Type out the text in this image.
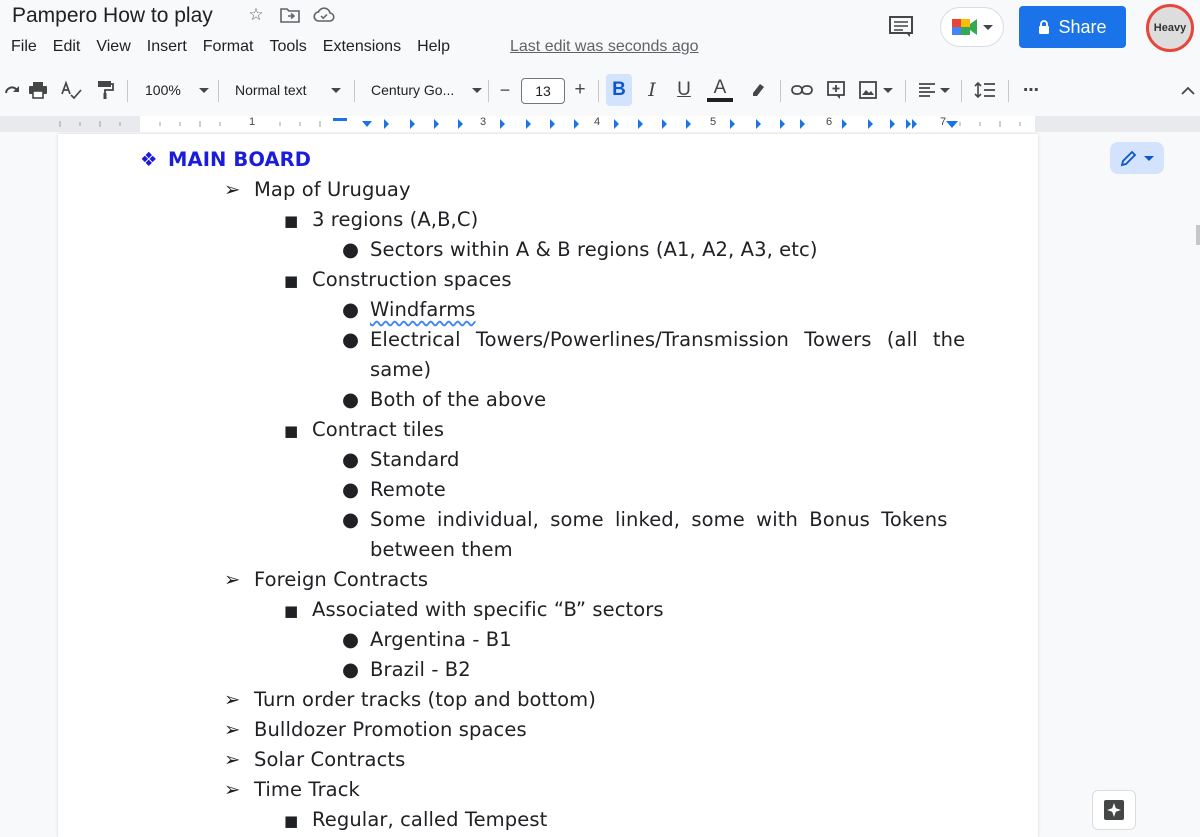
Pampero How to play ☆
File Edit View Insert Format Tools Extensions Help	Last edit was seconds ago
Share	Heavy
100%	Normal text	Century Go...	−	13	+	B	I	U A	⋯
1	3	4	5	6	7
❖ MAIN BOARD
➢ Map of Uruguay
■ 3 regions (A,B,C)
● Sectors within A & B regions (A1, A2, A3, etc)
■ Construction spaces
● Windfarms
● Electrical Towers/Powerlines/Transmission Towers (all the
same)
● Both of the above
■ Contract tiles
● Standard
● Remote
● Some individual, some linked, some with Bonus Tokens
between them
➢ Foreign Contracts
■ Associated with specific “B” sectors
● Argentina - B1
● Brazil - B2
➢ Turn order tracks (top and bottom)
➢ Bulldozer Promotion spaces
➢ Solar Contracts
➢ Time Track
■ Regular, called Tempest
